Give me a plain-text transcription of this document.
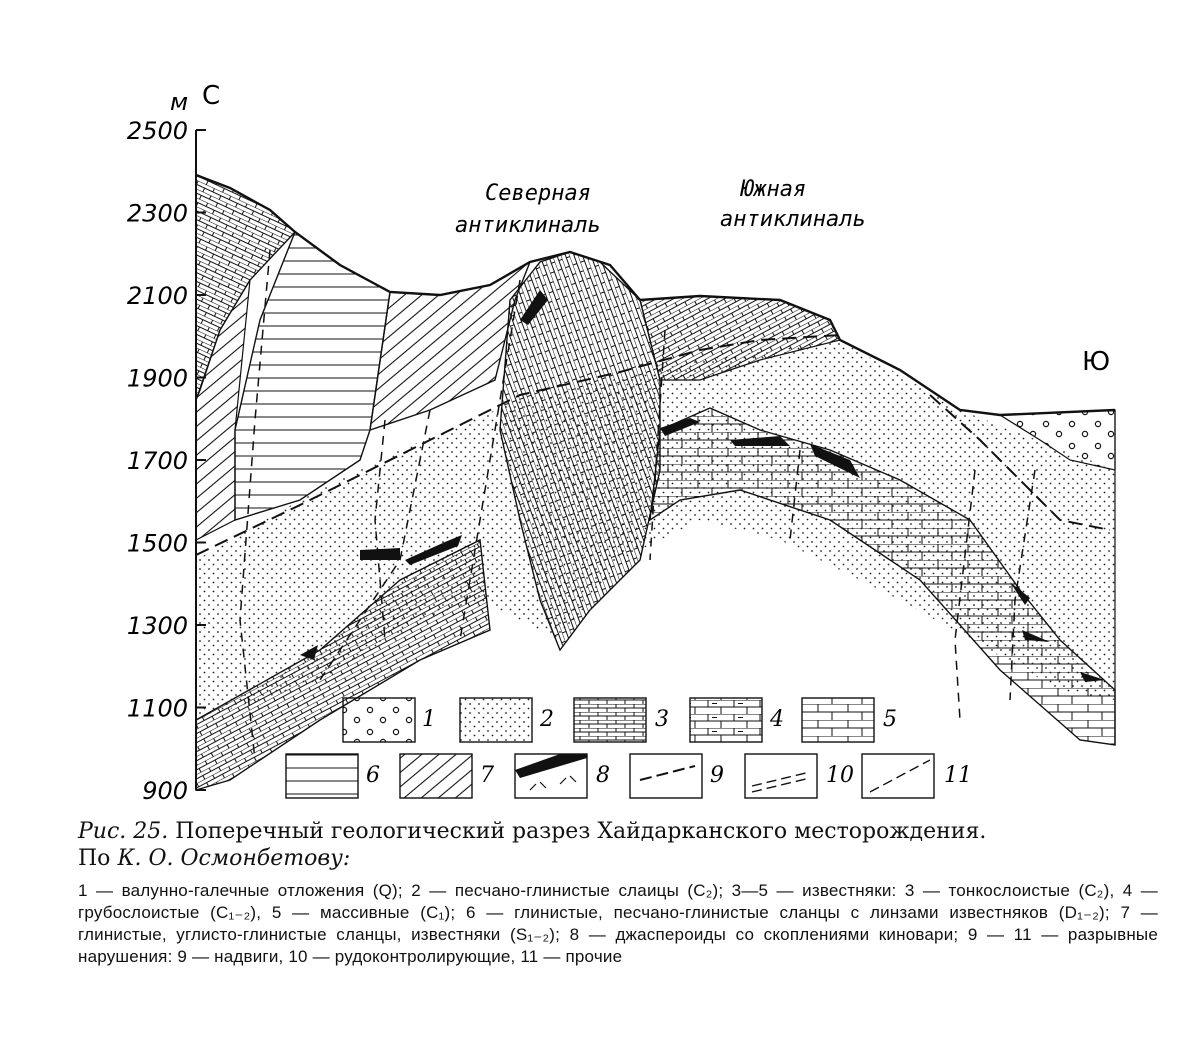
м С
2500
2300
2100
1900
1700
1500
1300
1100
900
Северная
антиклиналь
Южная
антиклиналь
Ю
1	2	3	4	5
6	7	8	9	10	11

Рис. 25. Поперечный геологический разрез Хайдарканского месторождения.
По К. О. Осмонбетову:

1 — валунно-галечные отложения (Q); 2 — песчано-глинистые слаицы (C₂); 3—5 — известняки: 3 — тонкослоистые (C₂), 4 — грубослоистые (C₁₋₂), 5 — массивные (C₁); 6 — глинистые, песчано-глинистые сланцы с линзами известняков (D₁₋₂); 7 — глинистые, углисто-глинистые сланцы, известняки (S₁₋₂); 8 — джаспероиды со скоплениями киновари; 9 — 11 — разрывные нарушения: 9 — надвиги, 10 — рудоконтролирующие, 11 — прочие
